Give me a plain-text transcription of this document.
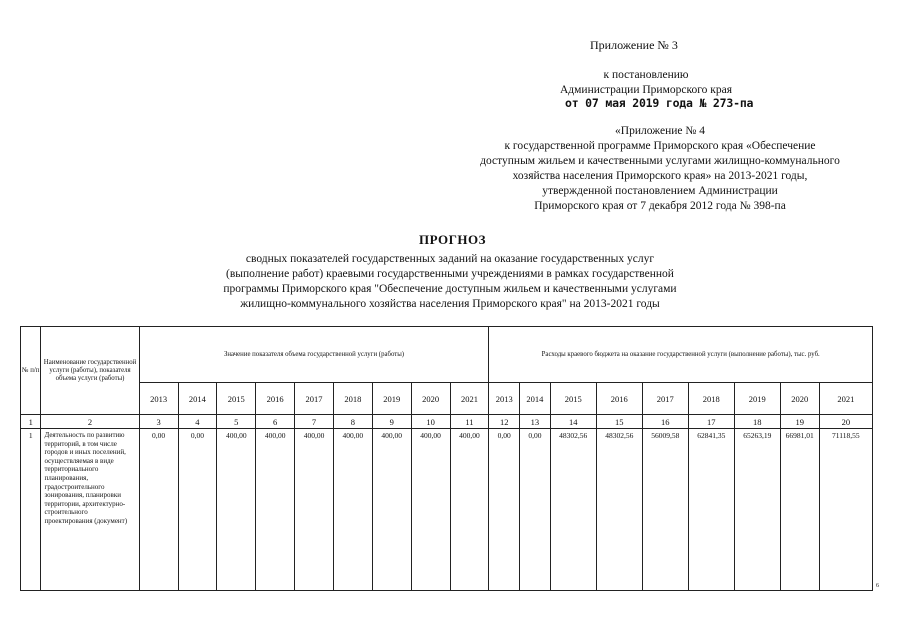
Приложение № 3
к постановлению
Администрации Приморского края
от 07 мая 2019 года № 273-па
«Приложение № 4
к государственной программе Приморского края «Обеспечение
доступным жильем и качественными услугами жилищно-коммунального
хозяйства населения Приморского края» на 2013-2021 годы,
утвержденной постановлением Администрации
Приморского края от 7 декабря 2012 года № 398-па
ПРОГНОЗ
сводных показателей государственных заданий на оказание государственных услуг
(выполнение работ) краевыми государственными учреждениями в рамках государственной
программы Приморского края "Обеспечение доступным жильем и качественными услугами
жилищно-коммунального хозяйства населения Приморского края" на 2013-2021 годы
№ п/п	Наименование государственной услуги (работы), показателя объема услуги (работы)	Значение показателя объема государственной услуги (работы)									Расходы краевого бюджета на оказание государственной услуги (выполнение работы), тыс. руб.								
		2013	2014	2015	2016	2017	2018	2019	2020	2021	2013	2014	2015	2016	2017	2018	2019	2020	2021
1	2	3	4	5	6	7	8	9	10	11	12	13	14	15	16	17	18	19	20
1	Деятельность по развитию территорий, в том числе городов и иных поселений, осуществляемая в виде территориального планирования, градостроительного зонирования, планировки территории, архитектурно-строительного проектирования (документ)	0,00	0,00	400,00	400,00	400,00	400,00	400,00	400,00	400,00	0,00	0,00	48302,56	48302,56	56009,58	62841,35	65263,19	66981,01	71118,55
6
